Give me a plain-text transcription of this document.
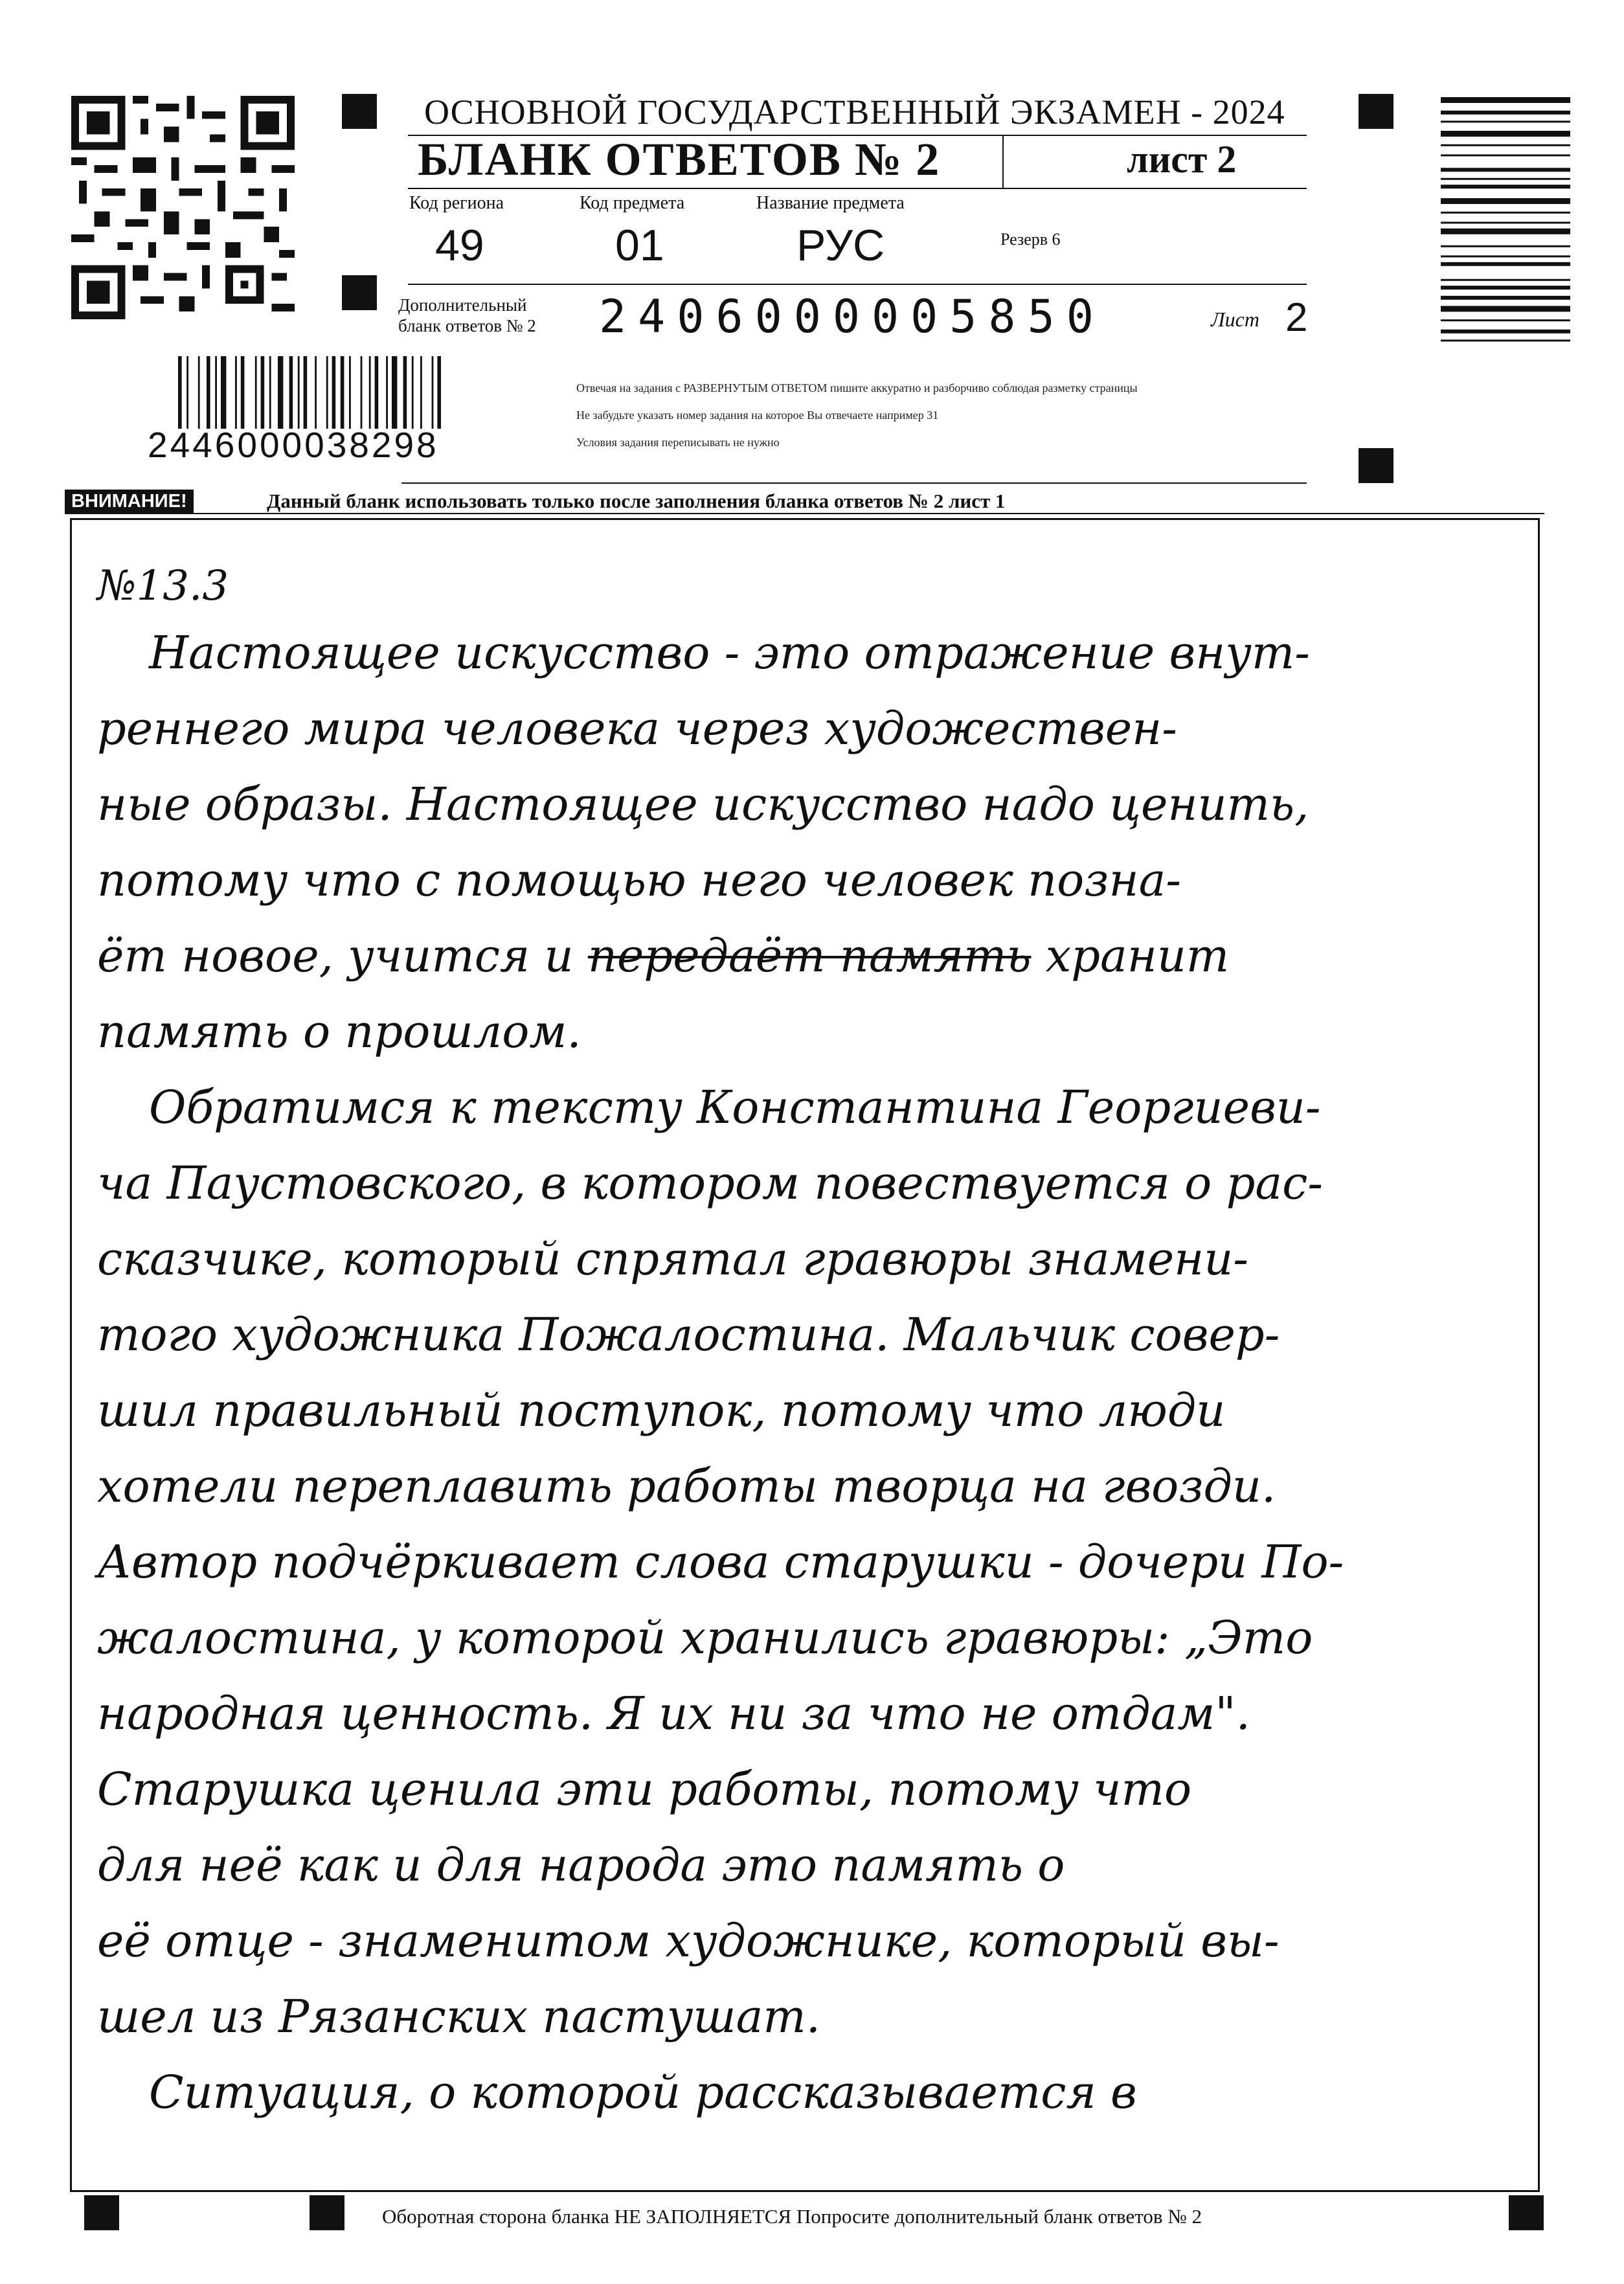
ОСНОВНОЙ ГОСУДАРСТВЕННЫЙ ЭКЗАМЕН - 2024
БЛАНК ОТВЕТОВ № 2	лист 2
Код региона
49
Код предмета
01
Название предмета
РУС	Резерв 6
Дополнительный
бланк ответов № 2 2406000005850	Лист 2
Отвечая на задания с РАЗВЕРНУТЫМ ОТВЕТОМ пишите аккуратно и разборчиво соблюдая разметку страницы
Не забудьте указать номер задания на которое Вы отвечаете например 31
Условия задания переписывать не нужно
2446000038298
ВНИМАНИЕ!	Данный бланк использовать только после заполнения бланка ответов № 2 лист 1
№13.3
Настоящее искусство - это отражение внут-
реннего мира человека через художествен-
ные образы. Настоящее искусство надо ценить,
потому что с помощью него человек позна-
ёт новое, учится и передаёт память хранит
память о прошлом.
Обратимся к тексту Константина Георгиеви-
ча Паустовского, в котором повествуется о рас-
сказчике, который спрятал гравюры знамени-
того художника Пожалостина. Мальчик совер-
шил правильный поступок, потому что люди
хотели переплавить работы творца на гвозди.
Автор подчёркивает слова старушки - дочери По-
жалостина, у которой хранились гравюры: „Это
народная ценность. Я их ни за что не отдам".
Старушка ценила эти работы, потому что
для неё как и для народа это память о
её отце - знаменитом художнике, который вы-
шел из Рязанских пастушат.
Ситуация, о которой рассказывается в
Оборотная сторона бланка НЕ ЗАПОЛНЯЕТСЯ Попросите дополнительный бланк ответов № 2
